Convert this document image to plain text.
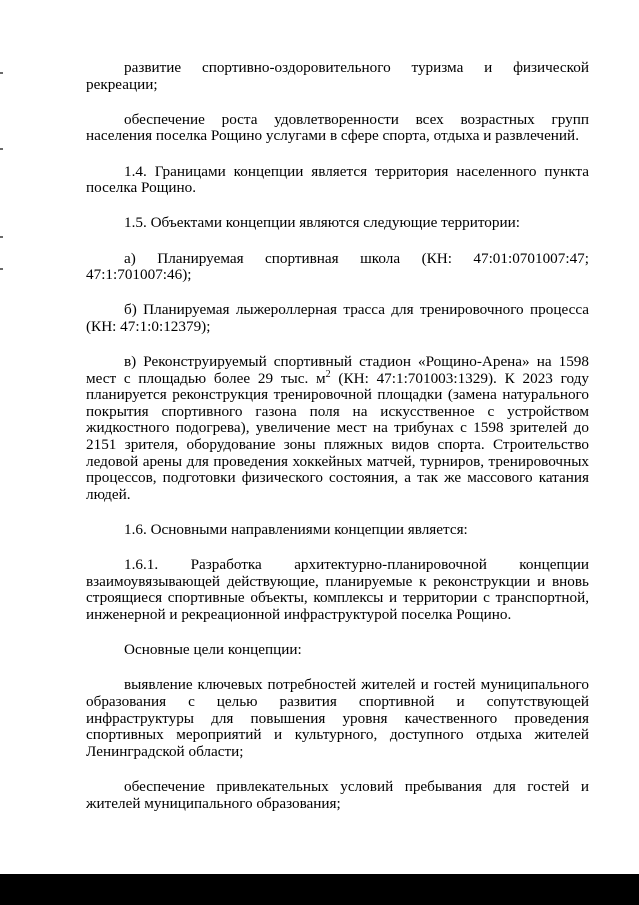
развитие спортивно-оздоровительного туризма и физической рекреации;

обеспечение роста удовлетворенности всех возрастных групп населения поселка Рощино услугами в сфере спорта, отдыха и развлечений.

1.4. Границами концепции является территория населенного пункта поселка Рощино.

1.5. Объектами концепции являются следующие территории:

а) Планируемая спортивная школа (КН: 47:01:0701007:47; 47:1:701007:46);

б) Планируемая лыжероллерная трасса для тренировочного процесса (КН: 47:1:0:12379);

в) Реконструируемый спортивный стадион «Рощино-Арена» на 1598 мест с площадью более 29 тыс. $м^2$ (КН: 47:1:701003:1329). К 2023 году планируется реконструкция тренировочной площадки (замена натурального покрытия спортивного газона поля на искусственное с устройством жидкостного подогрева), увеличение мест на трибунах с 1598 зрителей до 2151 зрителя, оборудование зоны пляжных видов спорта. Строительство ледовой арены для проведения хоккейных матчей, турниров, тренировочных процессов, подготовки физического состояния, а так же массового катания людей.

1.6. Основными направлениями концепции является:

1.6.1. Разработка архитектурно-планировочной концепции взаимоувязывающей действующие, планируемые к реконструкции и вновь строящиеся спортивные объекты, комплексы и территории с транспортной, инженерной и рекреационной инфраструктурой поселка Рощино.

Основные цели концепции:

выявление ключевых потребностей жителей и гостей муниципального образования с целью развития спортивной и сопутствующей инфраструктуры для повышения уровня качественного проведения спортивных мероприятий и культурного, доступного отдыха жителей Ленинградской области;

обеспечение привлекательных условий пребывания для гостей и жителей муниципального образования;
